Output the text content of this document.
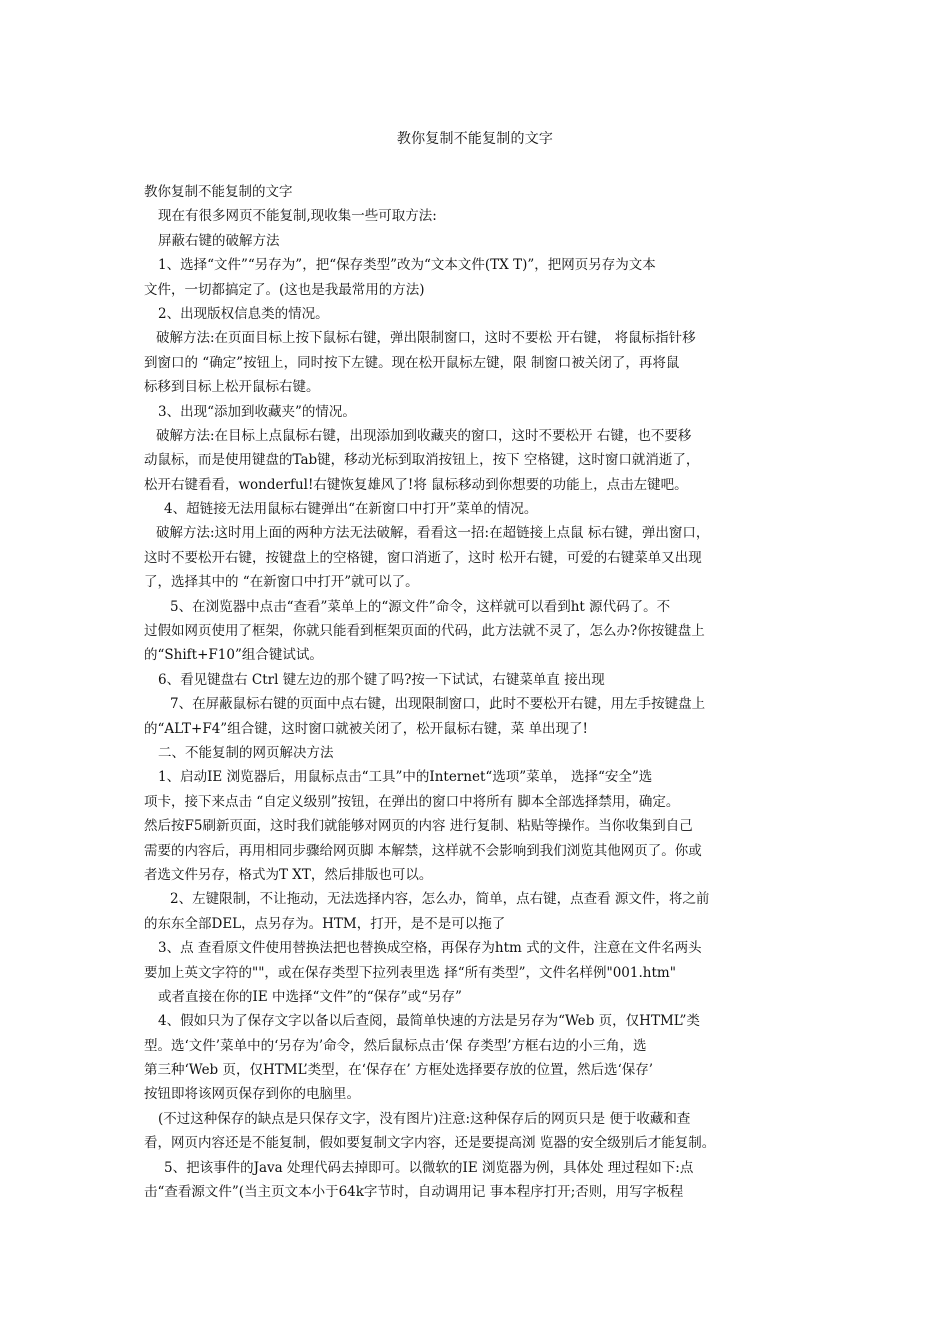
教你复制不能复制的文字
教你复制不能复制的文字
现在有很多网页不能复制,现收集一些可取方法:
屏蔽右键的破解方法
1、选择“文件”“另存为”，把“保存类型”改为“文本文件(TX T)”，把网页另存为文本
文件，一切都搞定了。(这也是我最常用的方法)
2、出现版权信息类的情况。
破解方法:在页面目标上按下鼠标右键，弹出限制窗口，这时不要松 开右键， 将鼠标指针移
到窗口的 “确定”按钮上，同时按下左键。现在松开鼠标左键，限 制窗口被关闭了，再将鼠
标移到目标上松开鼠标右键。
3、出现“添加到收藏夹”的情况。
破解方法:在目标上点鼠标右键，出现添加到收藏夹的窗口，这时不要松开 右键，也不要移
动鼠标，而是使用键盘的Tab键，移动光标到取消按钮上，按下 空格键，这时窗口就消逝了，
松开右键看看，wonderful!右键恢复雄风了!将 鼠标移动到你想要的功能上，点击左键吧。
4、超链接无法用鼠标右键弹出“在新窗口中打开”菜单的情况。
破解方法:这时用上面的两种方法无法破解，看看这一招:在超链接上点鼠 标右键，弹出窗口，
这时不要松开右键，按键盘上的空格键，窗口消逝了，这时 松开右键，可爱的右键菜单又出现
了，选择其中的 “在新窗口中打开”就可以了。
5、在浏览器中点击“查看”菜单上的“源文件”命令，这样就可以看到ht 源代码了。不
过假如网页使用了框架，你就只能看到框架页面的代码，此方法就不灵了，怎么办?你按键盘上
的“Shift+F10”组合键试试。
6、看见键盘右 Ctrl 键左边的那个键了吗?按一下试试，右键菜单直 接出现
7、在屏蔽鼠标右键的页面中点右键，出现限制窗口，此时不要松开右键，用左手按键盘上
的“ALT+F4”组合键，这时窗口就被关闭了，松开鼠标右键，菜 单出现了!
二、不能复制的网页解决方法
1、启动IE 浏览器后，用鼠标点击“工具”中的Internet“选项”菜单， 选择“安全”选
项卡，接下来点击 “自定义级别”按钮，在弹出的窗口中将所有 脚本全部选择禁用，确定。
然后按F5刷新页面，这时我们就能够对网页的内容 进行复制、粘贴等操作。当你收集到自己
需要的内容后，再用相同步骤给网页脚 本解禁，这样就不会影响到我们浏览其他网页了。你或
者选文件另存，格式为T XT，然后排版也可以。
2、左键限制，不让拖动，无法选择内容，怎么办，简单，点右键，点查看 源文件，将之前
的东东全部DEL，点另存为。HTM，打开，是不是可以拖了
3、点 查看原文件使用替换法把也替换成空格，再保存为htm 式的文件，注意在文件名两头
要加上英文字符的""，或在保存类型下拉列表里选 择“所有类型”，文件名样例"001.htm"
或者直接在你的IE 中选择“文件”的“保存”或“另存”
4、假如只为了保存文字以备以后查阅，最简单快速的方法是另存为“Web 页，仅HTML”类
型。选‘文件’菜单中的‘另存为’命令，然后鼠标点击‘保 存类型’方框右边的小三角，选
第三种‘Web 页，仅HTML’类型，在‘保存在’ 方框处选择要存放的位置，然后选‘保存’
按钮即将该网页保存到你的电脑里。
(不过这种保存的缺点是只保存文字，没有图片)注意:这种保存后的网页只是 便于收藏和查
看，网页内容还是不能复制，假如要复制文字内容，还是要提高浏 览器的安全级别后才能复制。
5、把该事件的Java 处理代码去掉即可。以微软的IE 浏览器为例，具体处 理过程如下:点
击“查看源文件”(当主页文本小于64k字节时，自动调用记 事本程序打开;否则，用写字板程
